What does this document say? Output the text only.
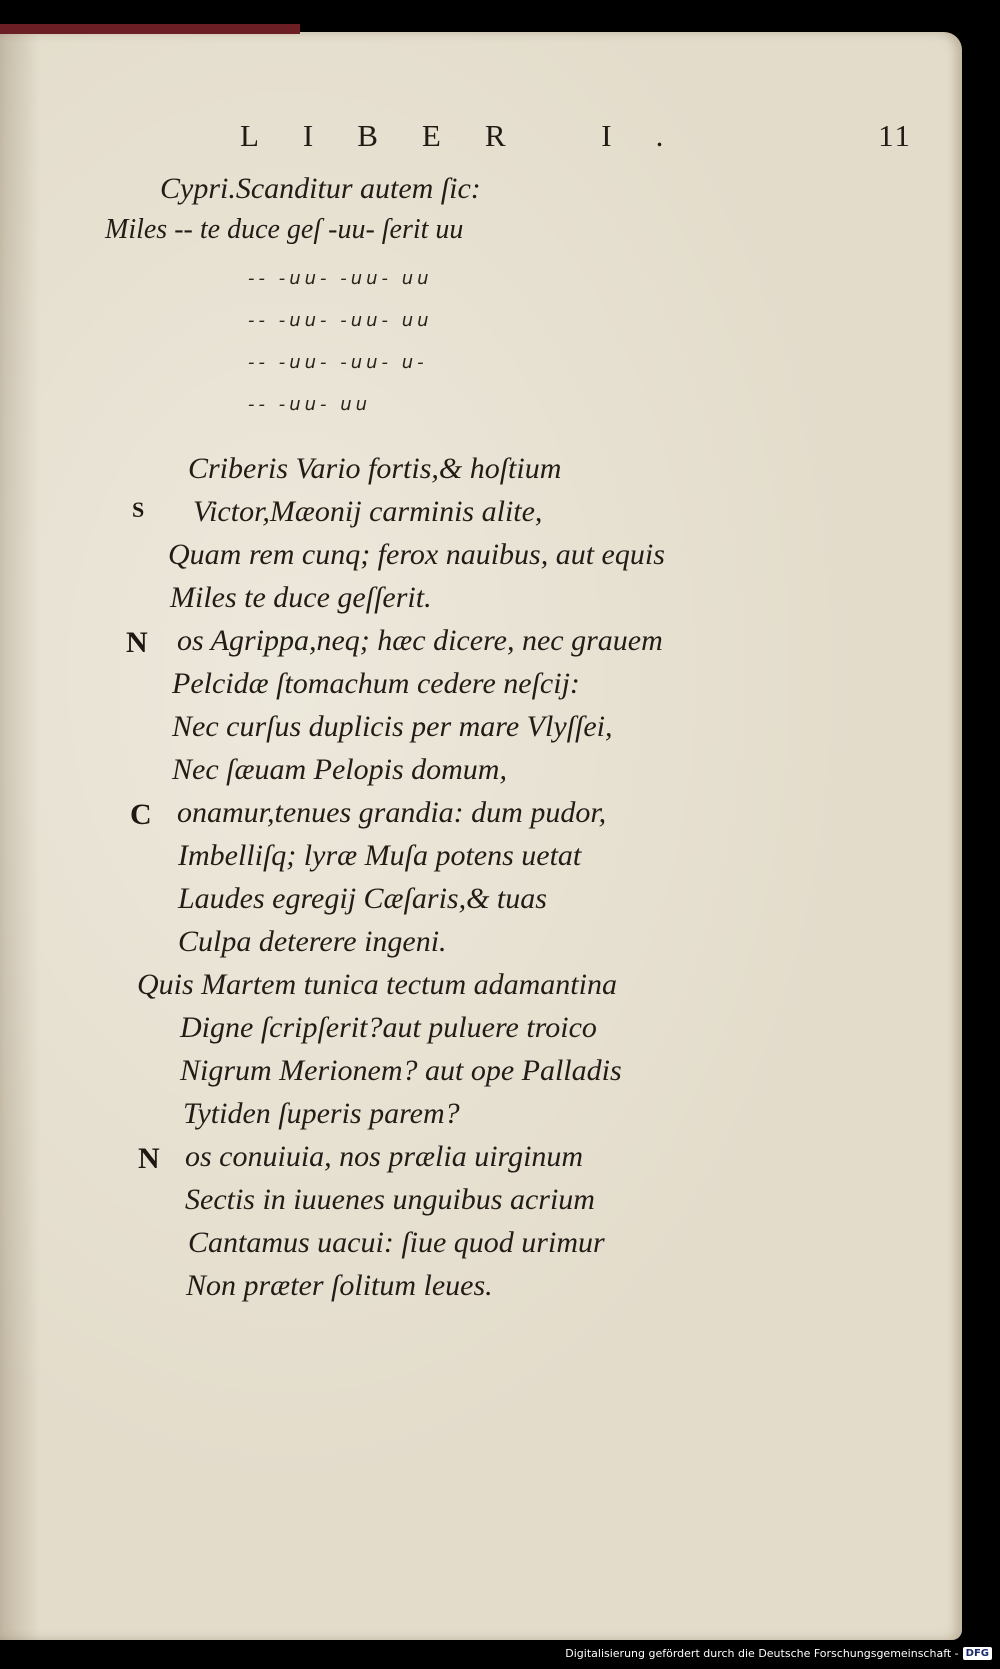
LIBER I.	11
Cypri.Scanditur autem ſic:
Miles -- te duce geſ -uu- ſerit uu
-- -uu- -uu- uu
-- -uu- -uu- uu
-- -uu- -uu- u-
-- -uu- uu
Criberis Vario fortis,& hoſtium
Victor,Mæonij carminis alite,
Quam rem cunq; ferox nauibus, aut equis
Miles te duce geſſerit.
os Agrippa,neq; hæc dicere, nec grauem
Pelcidæ ſtomachum cedere neſcij:
Nec curſus duplicis per mare Vlyſſei,
Nec ſæuam Pelopis domum,
onamur,tenues grandia: dum pudor,
Imbelliſq; lyræ Muſa potens uetat
Laudes egregij Cæſaris,& tuas
Culpa deterere ingeni.
Quis Martem tunica tectum adamantina
Digne ſcripſerit?aut puluere troico
Nigrum Merionem? aut ope Palladis
Tytiden ſuperis parem?
os conuiuia, nos prælia uirginum
Sectis in iuuenes unguibus acrium
Cantamus uacui: ſiue quod urimur
Non præter ſolitum leues.
S
N
C
N
Digitalisierung gefördert durch die Deutsche Forschungsgemeinschaft - DFG
